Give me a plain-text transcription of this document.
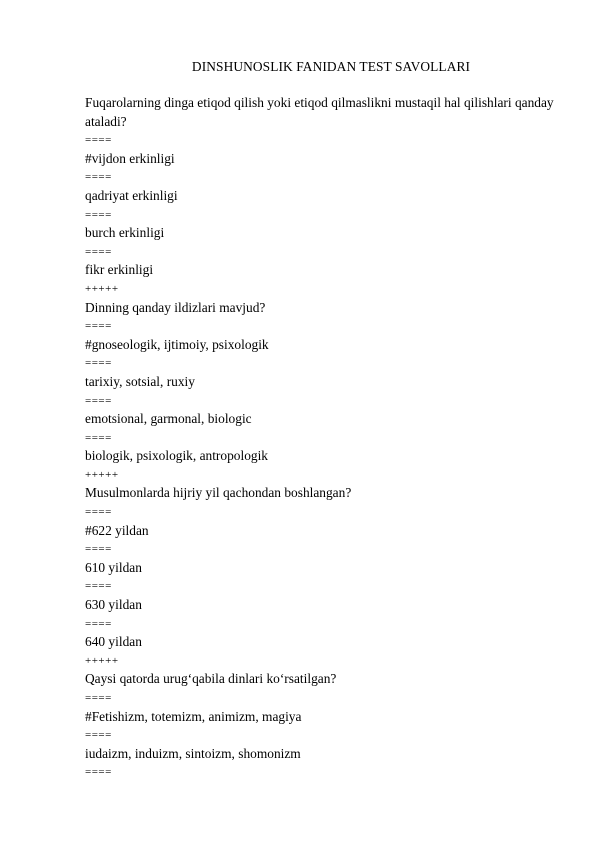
DINSHUNOSLIK FANIDAN TEST SAVOLLARI
Fuqarolarning dinga etiqod qilish yoki etiqod qilmaslikni mustaqil hal qilishlari qanday ataladi?
====
#vijdon erkinligi
====
qadriyat erkinligi
====
burch erkinligi
====
fikr erkinligi
+++++
Dinning qanday ildizlari mavjud?
====
#gnoseologik, ijtimoiy, psixologik
====
tarixiy, sotsial, ruxiy
====
emotsional, garmonal, biologic
====
biologik, psixologik, antropologik
+++++
Musulmonlarda hijriy yil qachondan boshlangan?
====
#622 yildan
====
610 yildan
====
630 yildan
====
640 yildan
+++++
Qaysi qatorda urug‘qabila dinlari ko‘rsatilgan?
====
#Fetishizm, totemizm, animizm, magiya
====
iudaizm, induizm, sintoizm, shomonizm
====
